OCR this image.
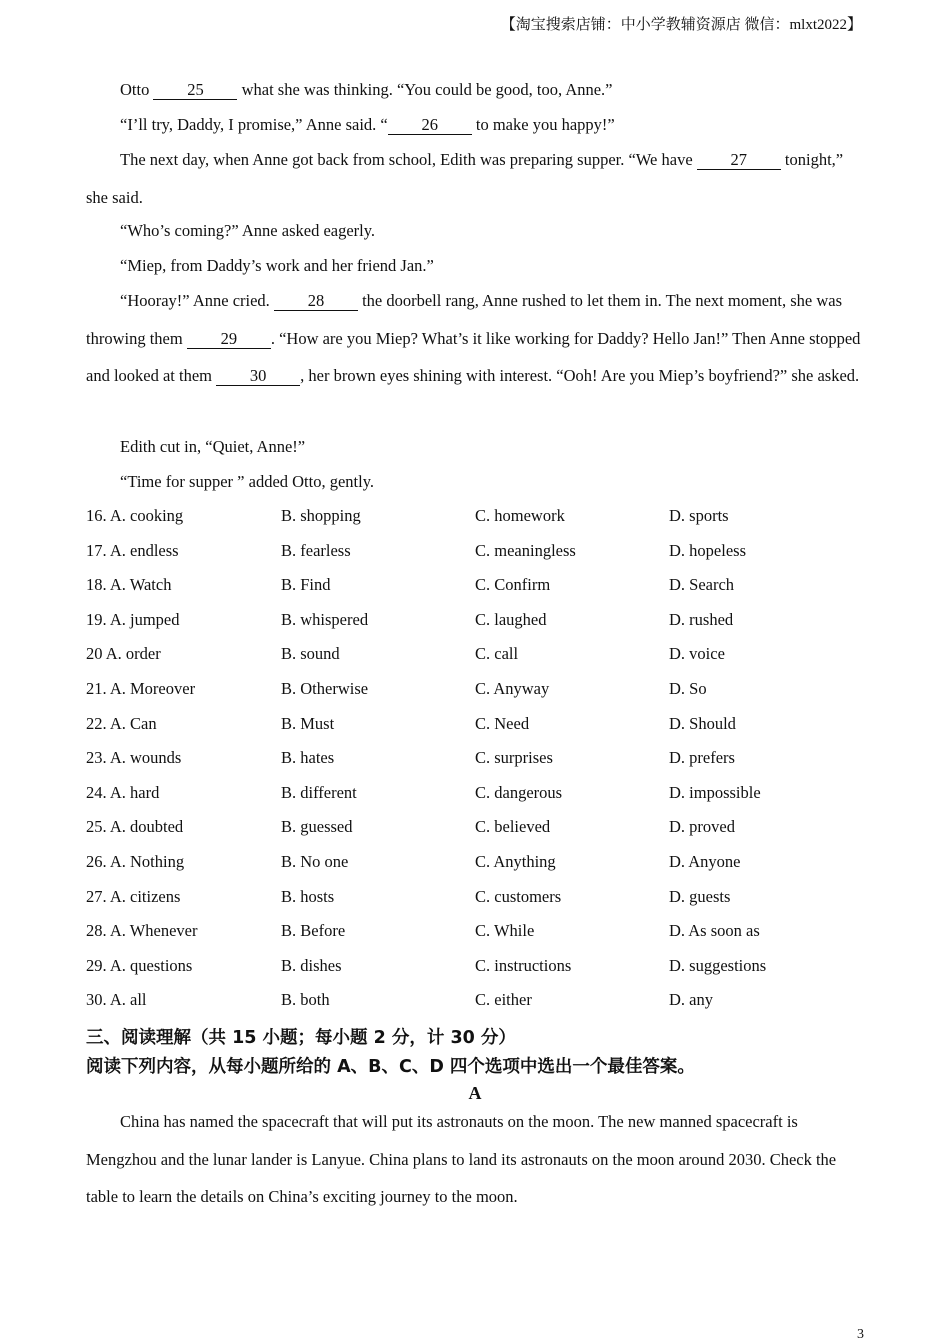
【淘宝搜索店铺：中小学教辅资源店 微信：mlxt2022】
Otto 25 what she was thinking. “You could be good, too, Anne.”
“I’ll try, Daddy, I promise,” Anne said. “ 26 to make you happy!”
The next day, when Anne got back from school, Edith was preparing supper. “We have 27 tonight,” she said.
“Who’s coming?” Anne asked eagerly.
“Miep, from Daddy’s work and her friend Jan.”
“Hooray!” Anne cried. 28 the doorbell rang, Anne rushed to let them in. The next moment, she was throwing them 29 . “How are you Miep? What’s it like working for Daddy? Hello Jan!” Then Anne stopped and looked at them 30 , her brown eyes shining with interest. “Ooh! Are you Miep’s boyfriend?” she asked.
Edith cut in, “Quiet, Anne!”
“Time for supper ” added Otto, gently.
16. A. cooking	B. shopping	C. homework	D. sports
17. A. endless	B. fearless	C. meaningless	D. hopeless
18. A. Watch	B. Find	C. Confirm	D. Search
19. A. jumped	B. whispered	C. laughed	D. rushed
20 A. order	B. sound	C. call	D. voice
21. A. Moreover	B. Otherwise	C. Anyway	D. So
22. A. Can	B. Must	C. Need	D. Should
23. A. wounds	B. hates	C. surprises	D. prefers
24. A. hard	B. different	C. dangerous	D. impossible
25. A. doubted	B. guessed	C. believed	D. proved
26. A. Nothing	B. No one	C. Anything	D. Anyone
27. A. citizens	B. hosts	C. customers	D. guests
28. A. Whenever	B. Before	C. While	D. As soon as
29. A. questions	B. dishes	C. instructions	D. suggestions
30. A. all	B. both	C. either	D. any
三、阅读理解（共 15 小题；每小题 2 分，计 30 分）
阅读下列内容，从每小题所给的 A、B、C、D 四个选项中选出一个最佳答案。
A
China has named the spacecraft that will put its astronauts on the moon. The new manned spacecraft is Mengzhou and the lunar lander is Lanyue. China plans to land its astronauts on the moon around 2030. Check the table to learn the details on China’s exciting journey to the moon.
3
